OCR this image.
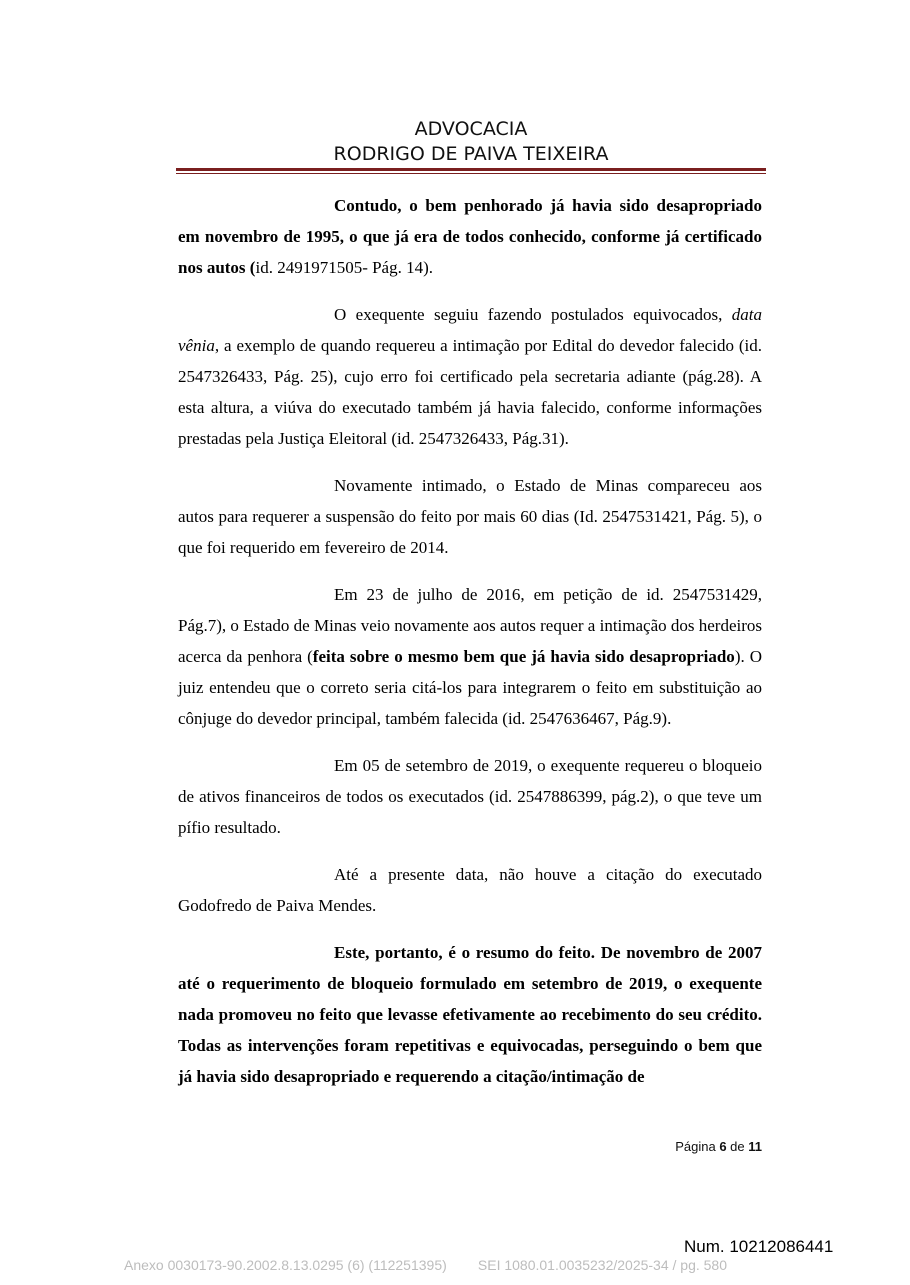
ADVOCACIA
RODRIGO DE PAIVA TEIXEIRA

Contudo, o bem penhorado já havia sido desapropriado em novembro de 1995, o que já era de todos conhecido, conforme já certificado nos autos (id. 2491971505- Pág. 14).

O exequente seguiu fazendo postulados equivocados, data vênia, a exemplo de quando requereu a intimação por Edital do devedor falecido (id. 2547326433, Pág. 25), cujo erro foi certificado pela secretaria adiante (pág.28). A esta altura, a viúva do executado também já havia falecido, conforme informações prestadas pela Justiça Eleitoral (id. 2547326433, Pág.31).

Novamente intimado, o Estado de Minas compareceu aos autos para requerer a suspensão do feito por mais 60 dias (Id. 2547531421, Pág. 5), o que foi requerido em fevereiro de 2014.

Em 23 de julho de 2016, em petição de id. 2547531429, Pág.7), o Estado de Minas veio novamente aos autos requer a intimação dos herdeiros acerca da penhora (feita sobre o mesmo bem que já havia sido desapropriado). O juiz entendeu que o correto seria citá-los para integrarem o feito em substituição ao cônjuge do devedor principal, também falecida (id. 2547636467, Pág.9).

Em 05 de setembro de 2019, o exequente requereu o bloqueio de ativos financeiros de todos os executados (id. 2547886399, pág.2), o que teve um pífio resultado.

Até a presente data, não houve a citação do executado Godofredo de Paiva Mendes.

Este, portanto, é o resumo do feito. De novembro de 2007 até o requerimento de bloqueio formulado em setembro de 2019, o exequente nada promoveu no feito que levasse efetivamente ao recebimento do seu crédito. Todas as intervenções foram repetitivas e equivocadas, perseguindo o bem que já havia sido desapropriado e requerendo a citação/intimação de

Página 6 de 11
Num. 10212086441
Anexo 0030173-90.2002.8.13.0295 (6) (112251395) SEI 1080.01.0035232/2025-34 / pg. 580
